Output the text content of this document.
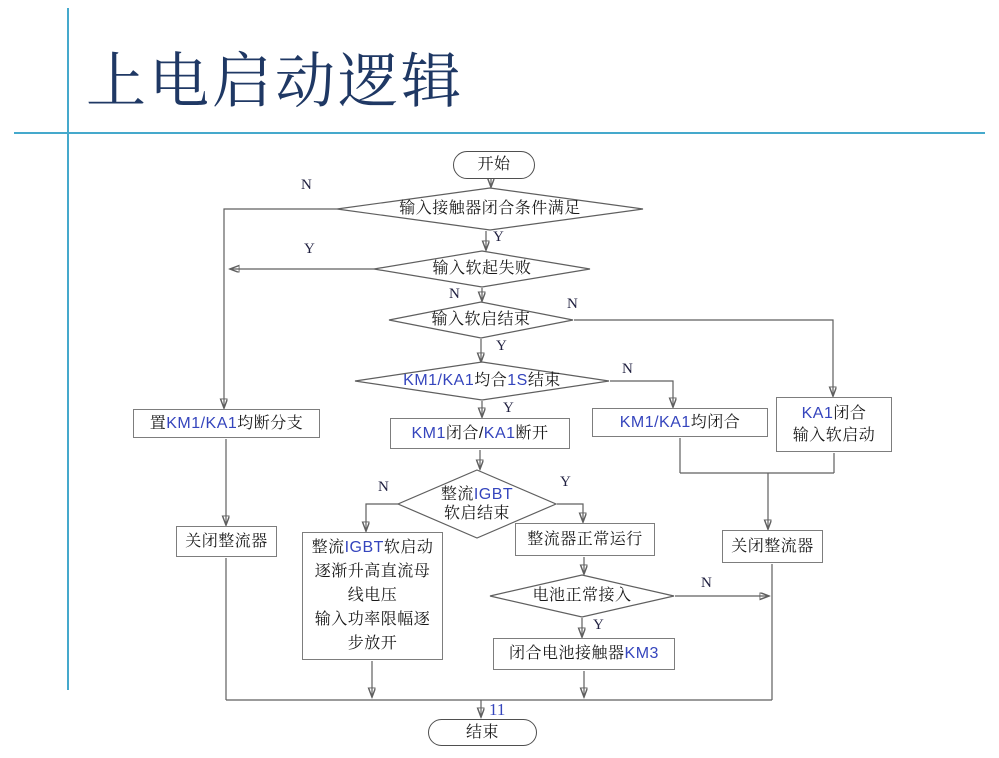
上电启动逻辑
开始
输入接触器闭合条件满足
输入软起失败
输入软启结束
KM1/KA1均合1S结束
置KM1/KA1均断分支
KM1闭合/KA1断开
KM1/KA1均闭合
KA1闭合
输入软启动
整流IGBT
软启结束
关闭整流器	整流IGBT软启动
逐渐升高直流母
线电压
输入功率限幅逐
步放开
整流器正常运行	关闭整流器
电池正常接入
闭合电池接触器KM3
结束
N
Y
Y
N
N
Y
N
Y
N	Y
N
Y
11
